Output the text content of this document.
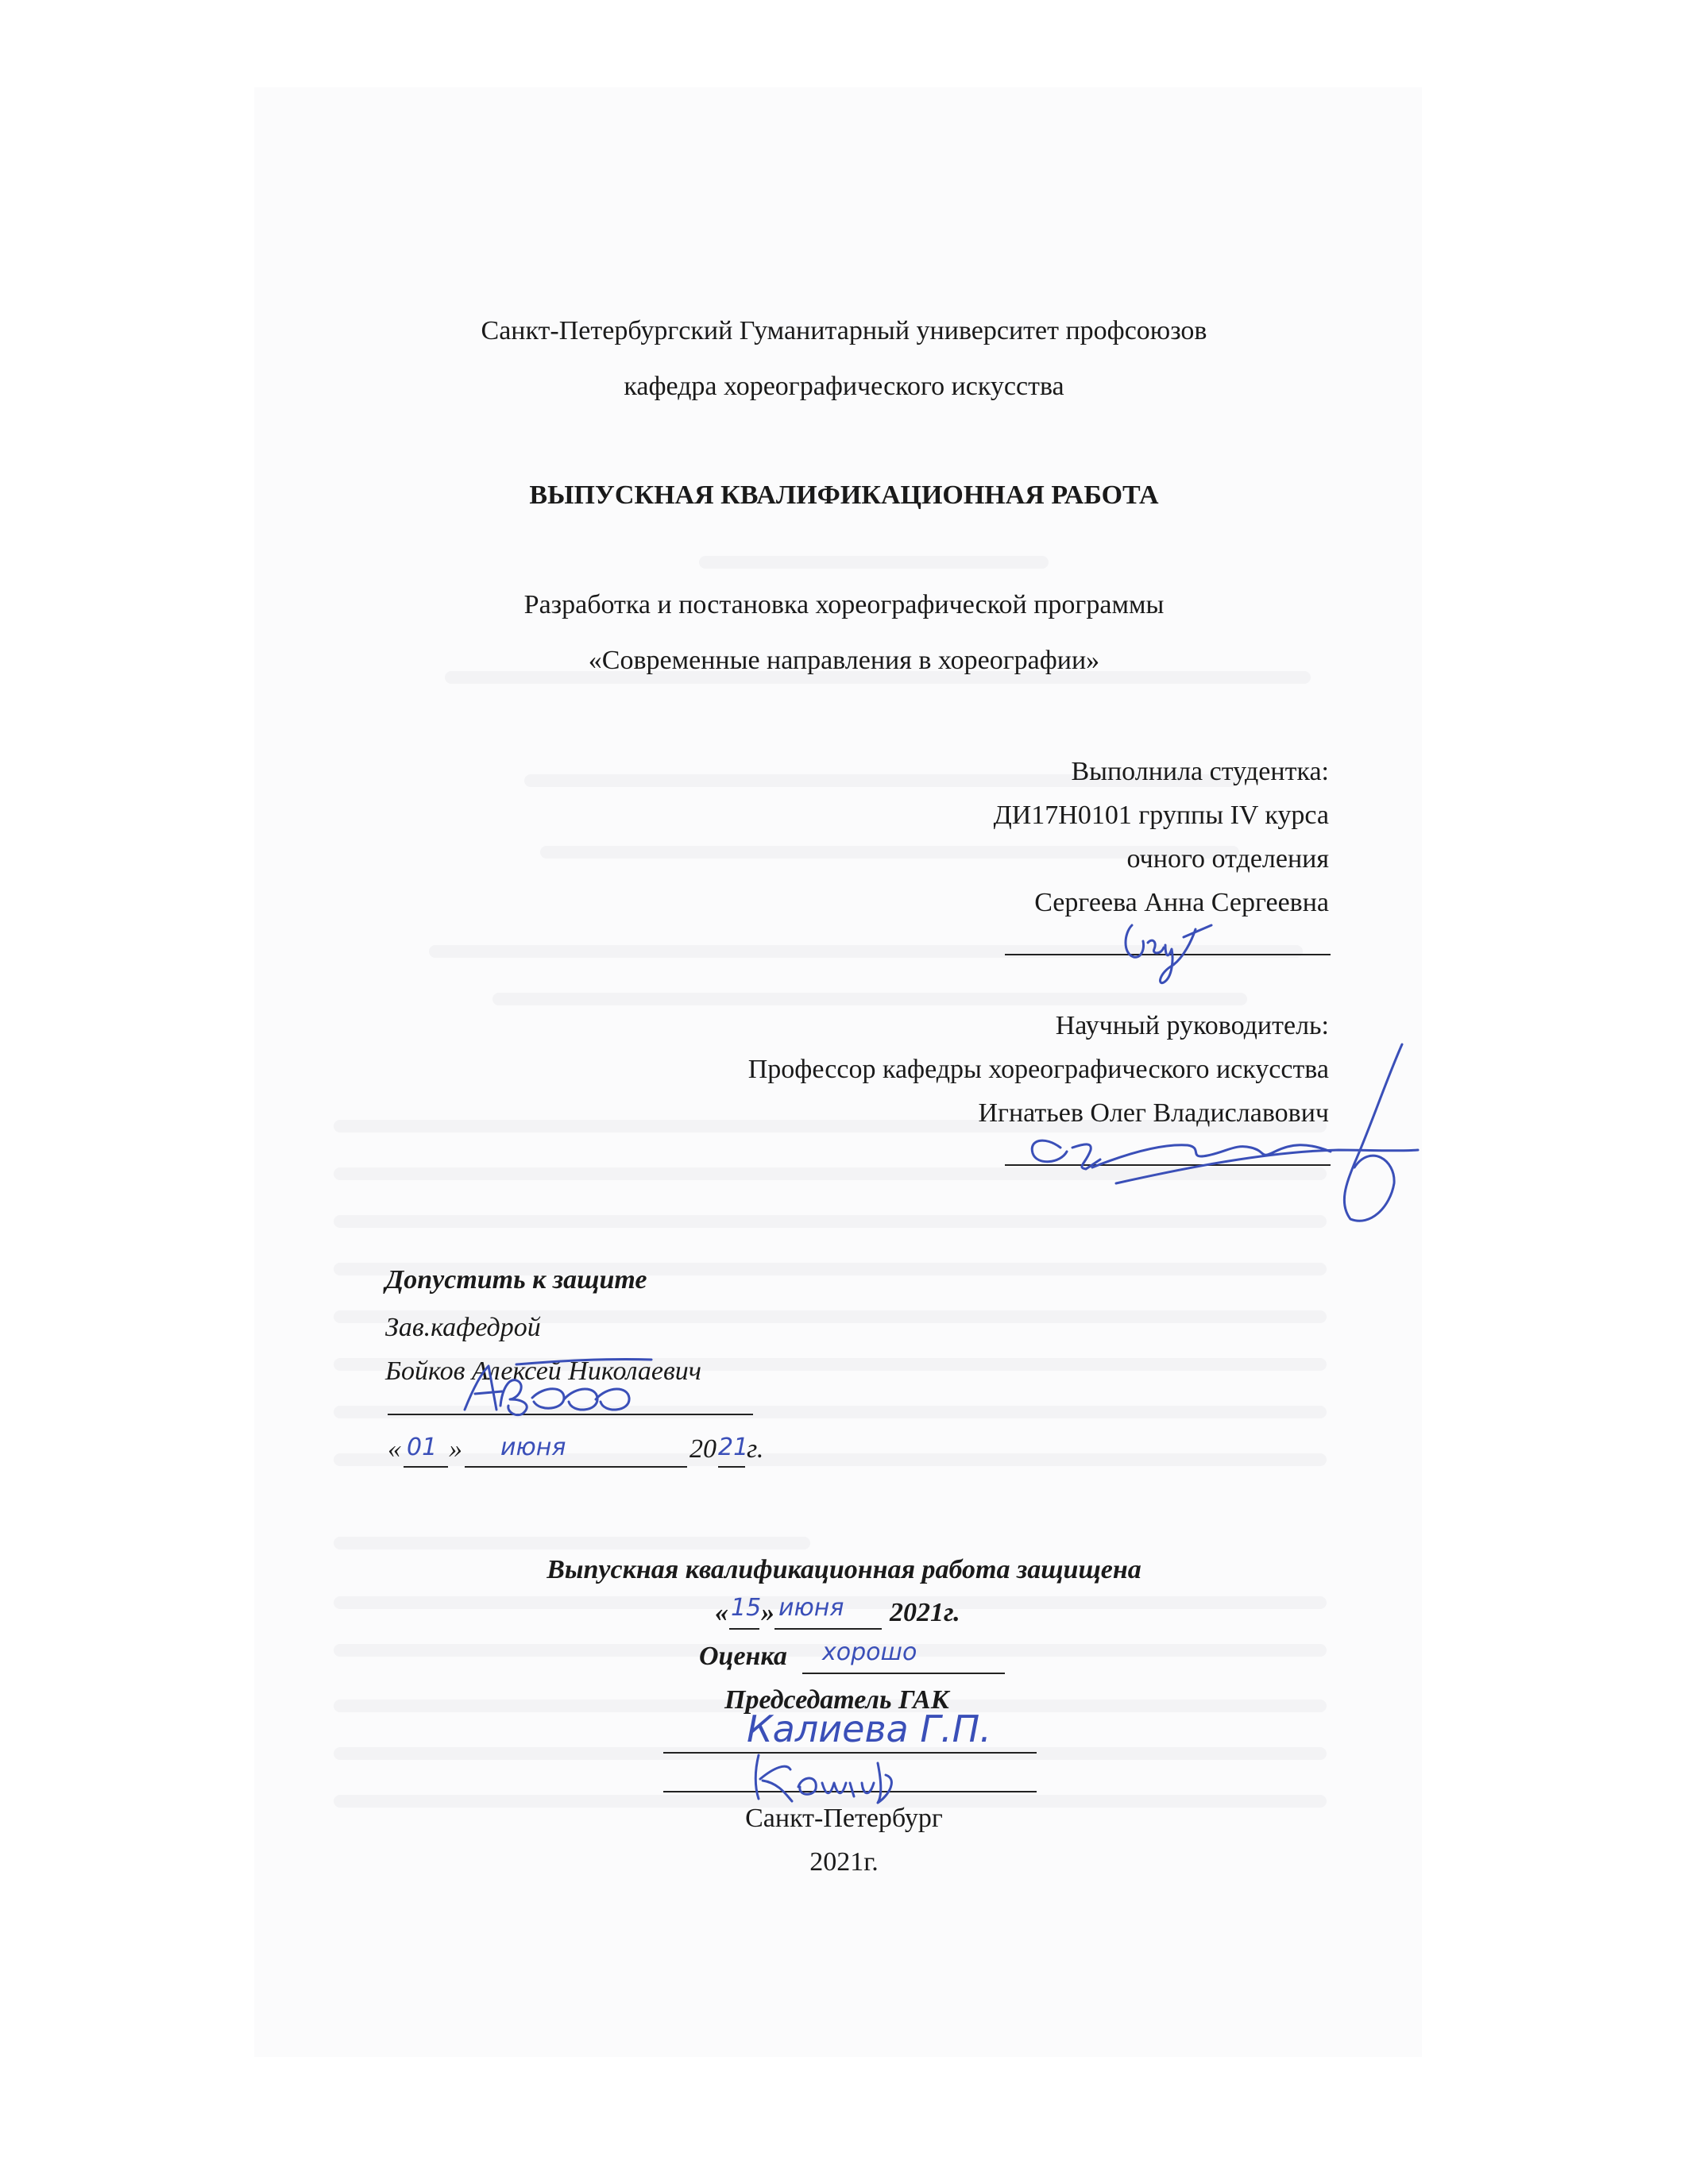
Санкт-Петербургский Гуманитарный университет профсоюзов
кафедра хореографического искусства
ВЫПУСКНАЯ КВАЛИФИКАЦИОННАЯ РАБОТА
Разработка и постановка хореографической программы
«Современные направления в хореографии»
Выполнила студентка:
ДИ17Н0101 группы IV курса
очного отделения
Сергеева Анна Сергеевна
Научный руководитель:
Профессор кафедры хореографического искусства
Игнатьев Олег Владиславович
Допустить к защите
Зав.кафедрой
Бойков Алексей Николаевич
« 01 » июня	20 21
г.
Выпускная квалификационная работа защищена
« 15 » июня 2021г.
Оценка хорошо
Председатель ГАК
Калиева Г.П.
Санкт-Петербург
2021г.
